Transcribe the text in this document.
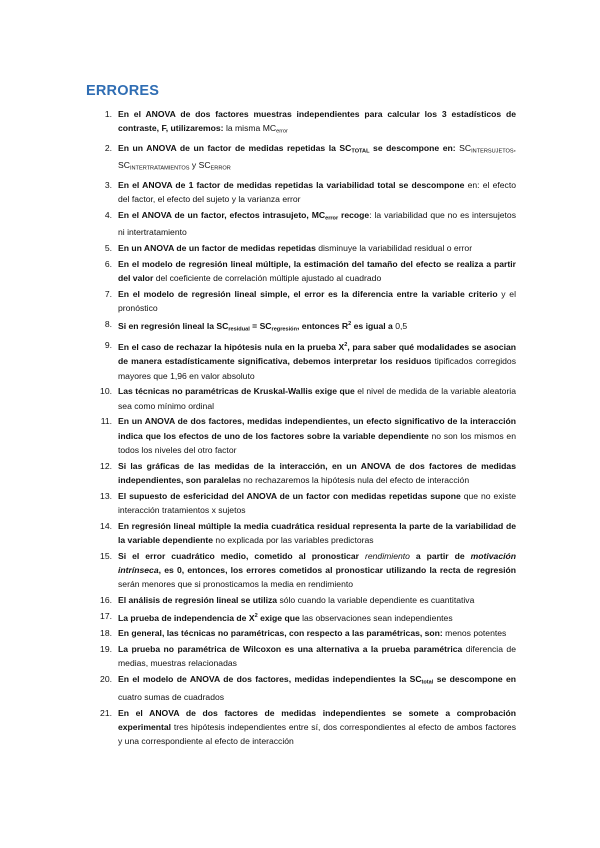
ERRORES
1. En el ANOVA de dos factores muestras independientes para calcular los 3 estadísticos de contraste, F, utilizaremos: la misma $MC_{error}$
2. En un ANOVA de un factor de medidas repetidas la $SC_{TOTAL}$ se descompone en: $SC_{INTERSUJETOS}$, $SC_{INTERTRATAMIENTOS}$ y $SC_{ERROR}$
3. En el ANOVA de 1 factor de medidas repetidas la variabilidad total se descompone en: el efecto del factor, el efecto del sujeto y la varianza error
4. En el ANOVA de un factor, efectos intrasujeto, $MC_{error}$ recoge: la variabilidad que no es intersujetos ni intertratamiento
5. En un ANOVA de un factor de medidas repetidas disminuye la variabilidad residual o error
6. En el modelo de regresión lineal múltiple, la estimación del tamaño del efecto se realiza a partir del valor del coeficiente de correlación múltiple ajustado al cuadrado
7. En el modelo de regresión lineal simple, el error es la diferencia entre la variable criterio y el pronóstico
8. Si en regresión lineal la $SC_{residual} = SC_{regresión}$, entonces $R^2$ es igual a 0,5
9. En el caso de rechazar la hipótesis nula en la prueba $X^2$, para saber qué modalidades se asocian de manera estadísticamente significativa, debemos interpretar los residuos tipificados corregidos mayores que 1,96 en valor absoluto
10. Las técnicas no paramétricas de Kruskal-Wallis exige que el nivel de medida de la variable aleatoria sea como mínimo ordinal
11. En un ANOVA de dos factores, medidas independientes, un efecto significativo de la interacción indica que los efectos de uno de los factores sobre la variable dependiente no son los mismos en todos los niveles del otro factor
12. Si las gráficas de las medidas de la interacción, en un ANOVA de dos factores de medidas independientes, son paralelas no rechazaremos la hipótesis nula del efecto de interacción
13. El supuesto de esfericidad del ANOVA de un factor con medidas repetidas supone que no existe interacción tratamientos x sujetos
14. En regresión lineal múltiple la media cuadrática residual representa la parte de la variabilidad de la variable dependiente no explicada por las variables predictoras
15. Si el error cuadrático medio, cometido al pronosticar rendimiento a partir de motivación intrínseca, es 0, entonces, los errores cometidos al pronosticar utilizando la recta de regresión serán menores que si pronosticamos la media en rendimiento
16. El análisis de regresión lineal se utiliza sólo cuando la variable dependiente es cuantitativa
17. La prueba de independencia de $X^2$ exige que las observaciones sean independientes
18. En general, las técnicas no paramétricas, con respecto a las paramétricas, son: menos potentes
19. La prueba no paramétrica de Wilcoxon es una alternativa a la prueba paramétrica diferencia de medias, muestras relacionadas
20. En el modelo de ANOVA de dos factores, medidas independientes la $SC_{total}$ se descompone en cuatro sumas de cuadrados
21. En el ANOVA de dos factores de medidas independientes se somete a comprobación experimental tres hipótesis independientes entre sí, dos correspondientes al efecto de ambos factores y una correspondiente al efecto de interacción
